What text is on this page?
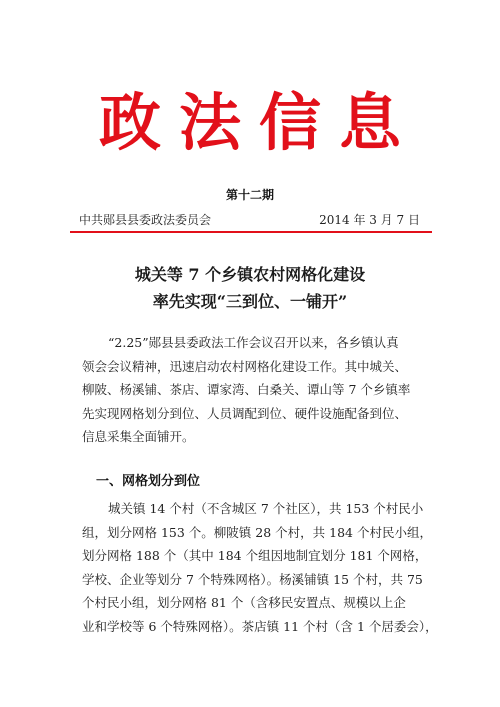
政法信息
第十二期
中共郧县县委政法委员会	2014 年 3 月 7 日
城关等 7 个乡镇农村网格化建设
率先实现“三到位、一铺开”
“2.25”郧县县委政法工作会议召开以来，各乡镇认真
领会会议精神，迅速启动农村网格化建设工作。其中城关、
柳陂、杨溪铺、茶店、谭家湾、白桑关、谭山等 7 个乡镇率
先实现网格划分到位、人员调配到位、硬件设施配备到位、
信息采集全面铺开。
一、网格划分到位
城关镇 14 个村（不含城区 7 个社区），共 153 个村民小
组，划分网格 153 个。柳陂镇 28 个村，共 184 个村民小组，
划分网格 188 个（其中 184 个组因地制宜划分 181 个网格，
学校、企业等划分 7 个特殊网格）。杨溪铺镇 15 个村，共 75
个村民小组，划分网格 81 个（含移民安置点、规模以上企
业和学校等 6 个特殊网格）。茶店镇 11 个村（含 1 个居委会），
